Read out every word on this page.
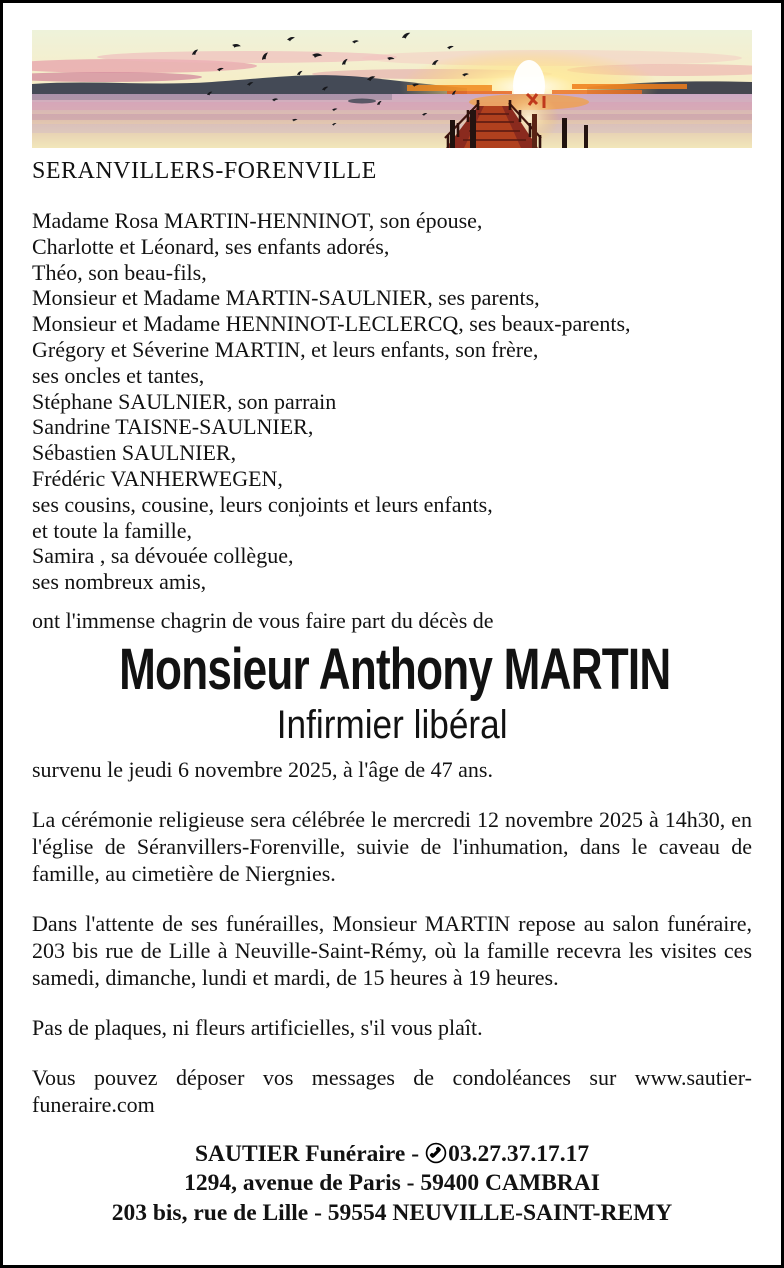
SERANVILLERS-FORENVILLE
Madame Rosa MARTIN-HENNINOT, son épouse,
Charlotte et Léonard, ses enfants adorés,
Théo, son beau-fils,
Monsieur et Madame MARTIN-SAULNIER, ses parents,
Monsieur et Madame HENNINOT-LECLERCQ, ses beaux-parents,
Grégory et Séverine MARTIN, et leurs enfants, son frère,
ses oncles et tantes,
Stéphane SAULNIER, son parrain
Sandrine TAISNE-SAULNIER,
Sébastien SAULNIER,
Frédéric VANHERWEGEN,
ses cousins, cousine, leurs conjoints et leurs enfants,
et toute la famille,
Samira , sa dévouée collègue,
ses nombreux amis,
ont l'immense chagrin de vous faire part du décès de
Monsieur Anthony MARTIN
Infirmier libéral
survenu le jeudi 6 novembre 2025, à l'âge de 47 ans.

La cérémonie religieuse sera célébrée le mercredi 12 novembre 2025 à 14h30, en l'église de Séranvillers-Forenville, suivie de l'inhumation, dans le caveau de famille, au cimetière de Niergnies.

Dans l'attente de ses funérailles, Monsieur MARTIN repose au salon funéraire, 203 bis rue de Lille à Neuville-Saint-Rémy, où la famille recevra les visites ces samedi, dimanche, lundi et mardi, de 15 heures à 19 heures.

Pas de plaques, ni fleurs artificielles, s'il vous plaît.

Vous pouvez déposer vos messages de condoléances sur www.sautier-funeraire.com

SAUTIER Funéraire - 03.27.37.17.17
1294, avenue de Paris - 59400 CAMBRAI
203 bis, rue de Lille - 59554 NEUVILLE-SAINT-REMY
